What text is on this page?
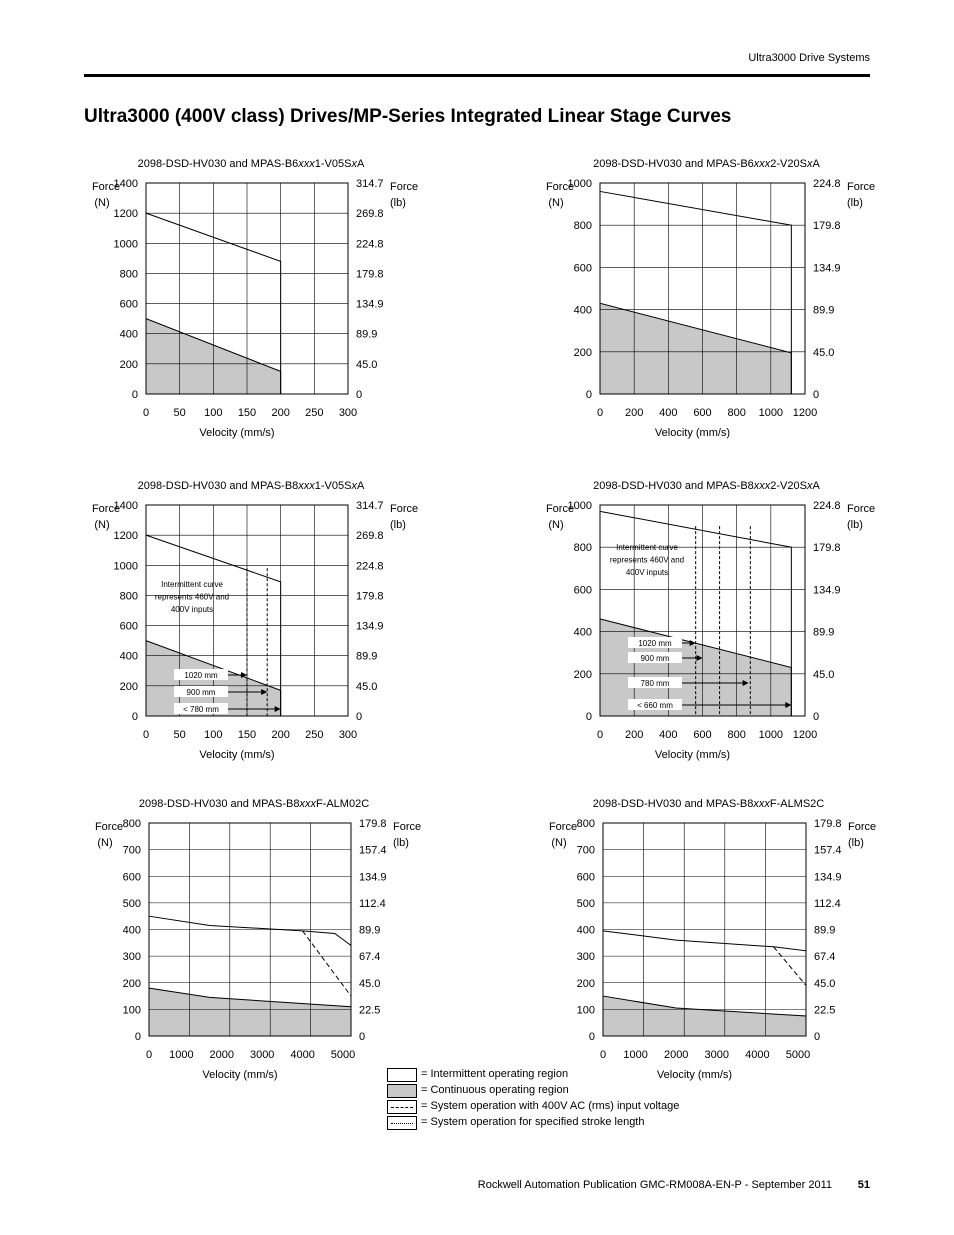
Ultra3000 Drive Systems
Ultra3000 (400V class) Drives/MP-Series Integrated Linear Stage Curves
2098-DSD-HV030 and MPAS-B6xxx1-V05SxA
0 50 100 150 200 250 300
0	0
200	45.0
400	89.9
600	134.9
800	179.8
1000	224.8
1200	269.8
1400	314.7
Force
(N)
Force
(lb)
Velocity (mm/s)
2098-DSD-HV030 and MPAS-B6xxx2-V20SxA
0 200 400 600 800 1000 1200
0	0
200	45.0
400	89.9
600	134.9
800	179.8
1000	224.8
Force
(N)
Force
(lb)
Velocity (mm/s)
2098-DSD-HV030 and MPAS-B8xxx1-V05SxA
0 50 100 150 200 250 300
0	0
200	45.0
400	89.9
600	134.9
800	179.8
1000	224.8
1200	269.8
1400	314.7
Force
(N)
Force
(lb)
Velocity (mm/s)
Intermittent curve represents 460V and 400V inputs
1020 mm
900 mm
< 780 mm
2098-DSD-HV030 and MPAS-B8xxx2-V20SxA
0 200 400 600 800 1000 1200
0	0
200	45.0
400	89.9
600	134.9
800	179.8
1000	224.8
Force
(N)
Force
(lb)
Velocity (mm/s)
Intermittent curve represents 460V and 400V inputs
1020 mm
900 mm
780 mm
< 660 mm
2098-DSD-HV030 and MPAS-B8xxxF-ALM02C
0 1000 2000 3000 4000 5000
0	0
100	22.5
200	45.0
300	67.4
400	89.9
500	112.4
600	134.9
700	157.4
800	179.8
Force
(N)
Force
(lb)
Velocity (mm/s)
2098-DSD-HV030 and MPAS-B8xxxF-ALMS2C
0 1000 2000 3000 4000 5000
0	0
100	22.5
200	45.0
300	67.4
400	89.9
500	112.4
600	134.9
700	157.4
800	179.8
Force
(N)
Force
(lb)
Velocity (mm/s)
= Intermittent operating region
= Continuous operating region
= System operation with 400V AC (rms) input voltage
= System operation for specified stroke length
Rockwell Automation Publication GMC-RM008A-EN-P - September 2011 51
